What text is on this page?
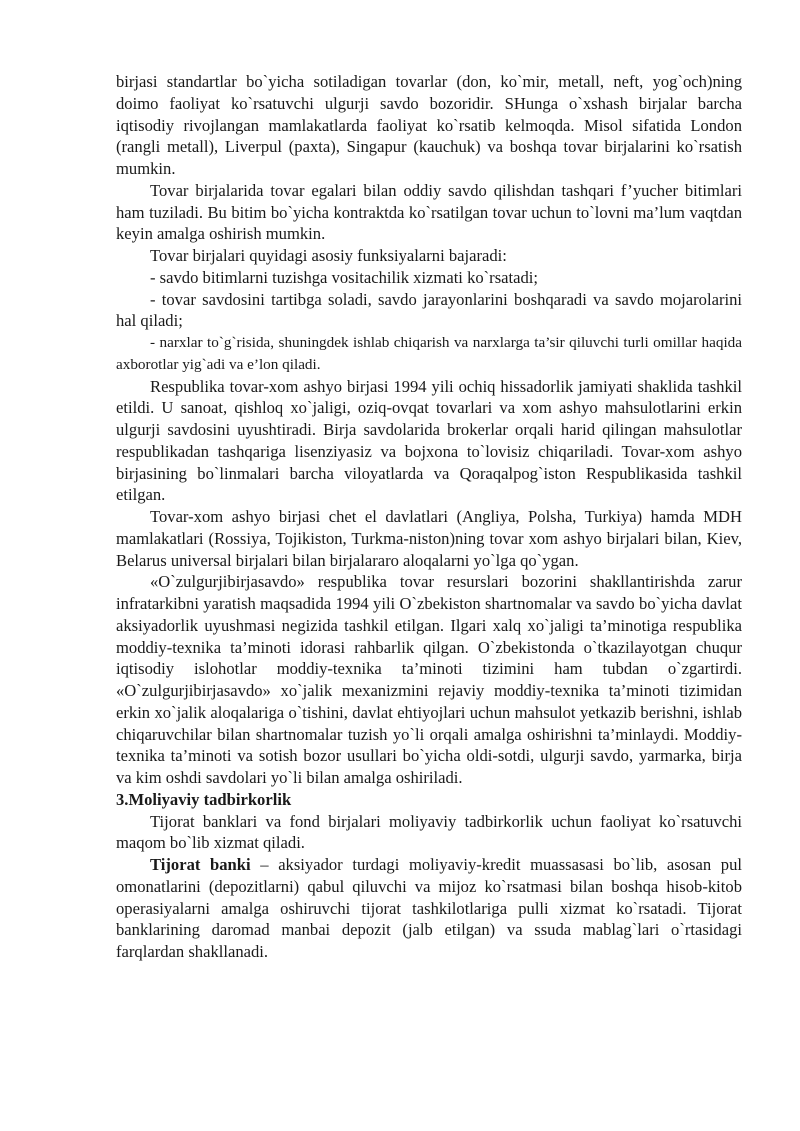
birjasi standartlar bo`yicha sotiladigan tovarlar (don, ko`mir, metall, neft, yog`och)ning doimo faoliyat ko`rsatuvchi ulgurji savdo bozoridir. SHunga o`xshash birjalar barcha iqtisodiy rivojlangan mamlakatlarda faoliyat ko`rsatib kelmoqda. Misol sifatida London (rangli metall), Liverpul (paxta), Singapur (kauchuk) va boshqa tovar birjalarini ko`rsatish mumkin.

Tovar birjalarida tovar egalari bilan oddiy savdo qilishdan tashqari f’yucher bitimlari ham tuziladi. Bu bitim bo`yicha kontraktda ko`rsatilgan tovar uchun to`lovni ma’lum vaqtdan keyin amalga oshirish mumkin.

Tovar birjalari quyidagi asosiy funksiyalarni bajaradi:

- savdo bitimlarni tuzishga vositachilik xizmati ko`rsatadi;

- tovar savdosini tartibga soladi, savdo jarayonlarini boshqaradi va savdo mojarolarini hal qiladi;

- narxlar to`g`risida, shuningdek ishlab chiqarish va narxlarga ta’sir qiluvchi turli omillar haqida axborotlar yig`adi va e’lon qiladi.

Respublika tovar-xom ashyo birjasi 1994 yili ochiq hissadorlik jamiyati shaklida tashkil etildi. U sanoat, qishloq xo`jaligi, oziq-ovqat tovarlari va xom ashyo mahsulotlarini erkin ulgurji savdosini uyushtiradi. Birja savdolarida brokerlar orqali harid qilingan mahsulotlar respublikadan tashqariga lisenziyasiz va bojxona to`lovisiz chiqariladi. Tovar-xom ashyo birjasining bo`linmalari barcha viloyatlarda va Qoraqalpog`iston Respublikasida tashkil etilgan.

Tovar-xom ashyo birjasi chet el davlatlari (Angliya, Polsha, Turkiya) hamda MDH mamlakatlari (Rossiya, Tojikiston, Turkma-niston)ning tovar xom ashyo birjalari bilan, Kiev, Belarus universal birjalari bilan birjalararo aloqalarni yo`lga qo`ygan.

«O`zulgurjibirjasavdo» respublika tovar resurslari bozorini shakllantirishda zarur infratarkibni yaratish maqsadida 1994 yili O`zbekiston shartnomalar va savdo bo`yicha davlat aksiyadorlik uyushmasi negizida tashkil etilgan. Ilgari xalq xo`jaligi ta’minotiga respublika moddiy-texnika ta’minoti idorasi rahbarlik qilgan. O`zbekistonda o`tkazilayotgan chuqur iqtisodiy islohotlar moddiy-texnika ta’minoti tizimini ham tubdan o`zgartirdi. «O`zulgurjibirjasavdo» xo`jalik mexanizmini rejaviy moddiy-texnika ta’minoti tizimidan erkin xo`jalik aloqalariga o`tishini, davlat ehtiyojlari uchun mahsulot yetkazib berishni, ishlab chiqaruvchilar bilan shartnomalar tuzish yo`li orqali amalga oshirishni ta’minlaydi. Moddiy-texnika ta’minoti va sotish bozor usullari bo`yicha oldi-sotdi, ulgurji savdo, yarmarka, birja va kim oshdi savdolari yo`li bilan amalga oshiriladi.

3.Moliyaviy tadbirkorlik

Tijorat banklari va fond birjalari moliyaviy tadbirkorlik uchun faoliyat ko`rsatuvchi maqom bo`lib xizmat qiladi.

Tijorat banki – aksiyador turdagi moliyaviy-kredit muassasasi bo`lib, asosan pul omonatlarini (depozitlarni) qabul qiluvchi va mijoz ko`rsatmasi bilan boshqa hisob-kitob operasiyalarni amalga oshiruvchi tijorat tashkilotlariga pulli xizmat ko`rsatadi. Tijorat banklarining daromad manbai depozit (jalb etilgan) va ssuda mablag`lari o`rtasidagi farqlardan shakllanadi.
